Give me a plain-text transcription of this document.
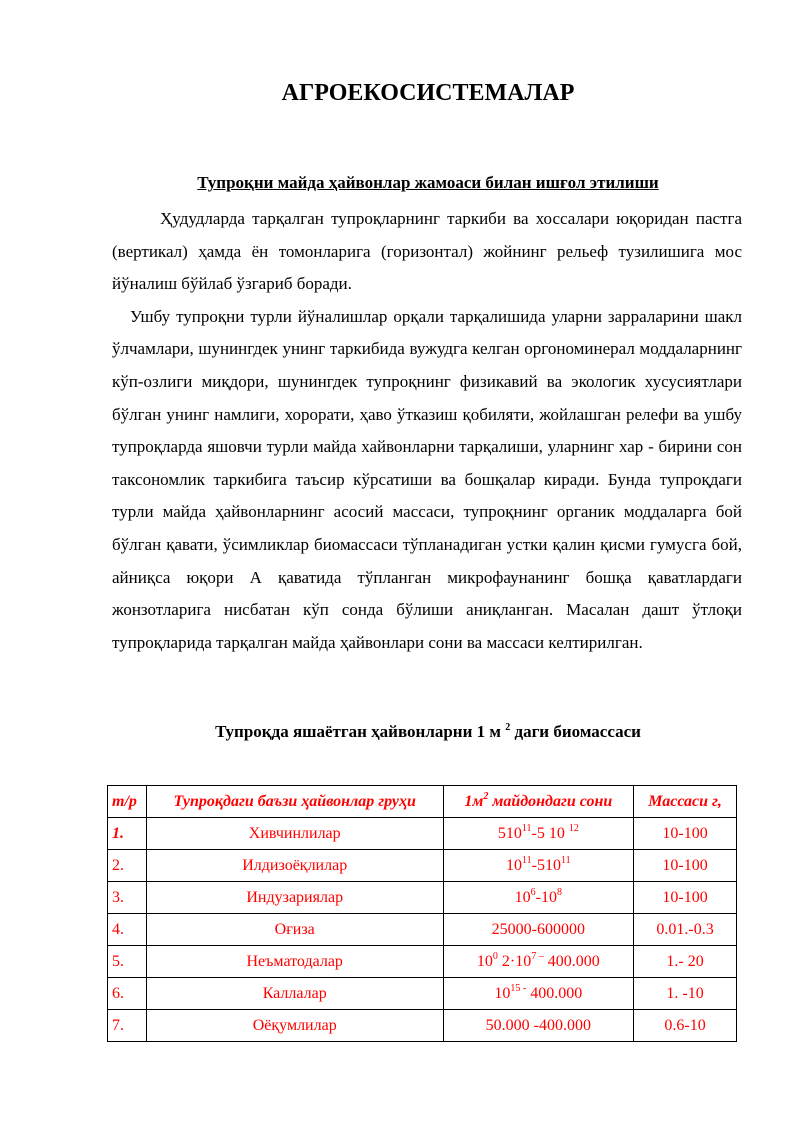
АГРОЕКОСИСТЕМАЛАР
Тупроқни майда ҳайвонлар жамоаси билан ишғол этилиши

Ҳудудларда тарқалган тупроқларнинг таркиби ва хоссалари юқоридан пастга (вертикал) ҳамда ён томонларига (горизонтал) жойнинг рельеф тузилишига мос йўналиш бўйлаб ўзгариб боради.

Ушбу тупроқни турли йўналишлар орқали тарқалишида уларни зарраларини шакл ўлчамлари, шунингдек унинг таркибида вужудга келган оргономинерал моддаларнинг кўп-озлиги миқдори, шунингдек тупроқнинг физикавий ва экологик хусусиятлари бўлган унинг намлиги, хорорати, ҳаво ўтказиш қобиляти, жойлашган релефи ва ушбу тупроқларда яшовчи турли майда хайвонларни тарқалиши, уларнинг хар - бирини сон таксономлик таркибига таъсир кўрсатиши ва бошқалар киради. Бунда тупроқдаги турли майда ҳайвонларнинг асосий массаси, тупроқнинг органик моддаларга бой бўлган қавати, ўсимликлар биомассаси тўпланадиган устки қалин қисми гумусга бой, айниқса юқори А қаватида тўпланган микрофаунанинг бошқа қаватлардаги жонзотларига нисбатан кўп сонда бўлиши аниқланган. Масалан дашт ўтлоқи тупроқларида тарқалган майда ҳайвонлари сони ва массаси келтирилган.

Тупроқда яшаётган ҳайвонларни 1 м $^2$ даги биомассаси
т/р	Тупроқдаги баъзи ҳайвонлар груҳи	$1м^2$ майдондаги сони	Массаси г,
1.	Хивчинлилар	$510^{11}-5$ 10 $^{12}$	10-100
2.	Илдизоёқлилар	$10^{11}-510^{11}$	10-100
3.	Индузариялар	$10^6-10^8$	10-100
4.	Оғиза	25000-600000	0.01.-0.3
5.	Неъматодалар	$10^0$ $2\cdot 10^{7 -}$ 400.000	1.- 20
6.	Каллалар	$10^{15 -}$ 400.000	1. -10
7.	Оёқумлилар	50.000 -400.000	0.6-10
